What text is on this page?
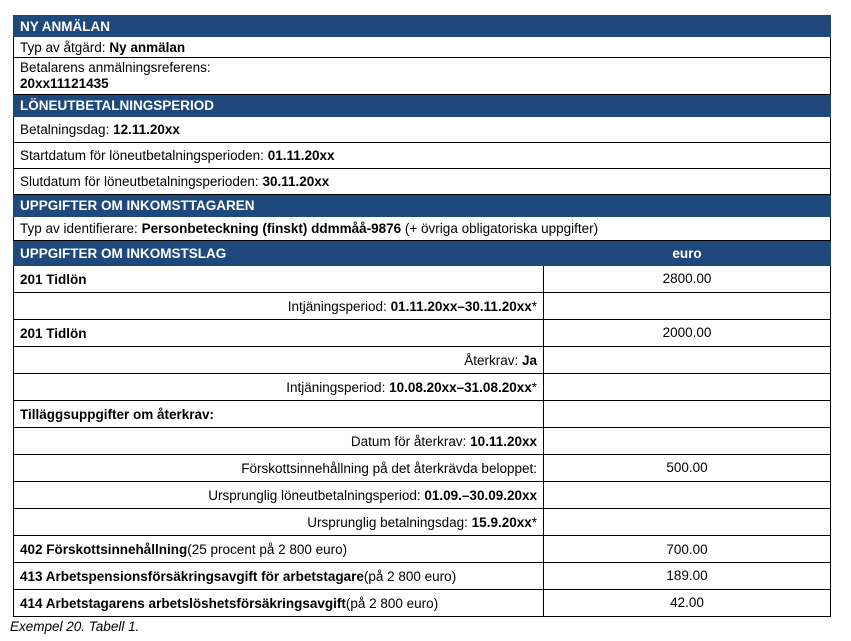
NY ANMÄLAN
Typ av åtgärd:
Ny anmälan
Betalarens anmälningsreferens:
20xx11121435
LÖNEUTBETALNINGSPERIOD
Betalningsdag:
12.11.20xx
Startdatum för löneutbetalningsperioden:
01.11.20xx
Slutdatum för löneutbetalningsperioden:
30.11.20xx
UPPGIFTER OM INKOMSTTAGAREN
Typ av identifierare:
Personbeteckning (finskt) ddmmåå-9876
(+ övriga obligatoriska uppgifter)
UPPGIFTER OM INKOMSTSLAG	euro
201 Tidlön	2800.00
Intjäningsperiod:
01.11.20xx–30.11.20xx *
201 Tidlön	2000.00
Återkrav:
Ja
Intjäningsperiod:
10.08.20xx–31.08.20xx *
Tilläggsuppgifter om återkrav:
Datum för återkrav:
10.11.20xx
Förskottsinnehållning på det återkrävda beloppet:	500.00
Ursprunglig löneutbetalningsperiod:
01.09.–30.09.20xx
Ursprunglig betalningsdag:
15.9.20xx *
402 Förskottsinnehållning (25 procent på 2 800 euro)	700.00
413 Arbetspensionsförsäkringsavgift för arbetstagare (på 2 800 euro)	189.00
414 Arbetstagarens arbetslöshetsförsäkringsavgift (på 2 800 euro)	42.00
Exempel 20. Tabell 1.
